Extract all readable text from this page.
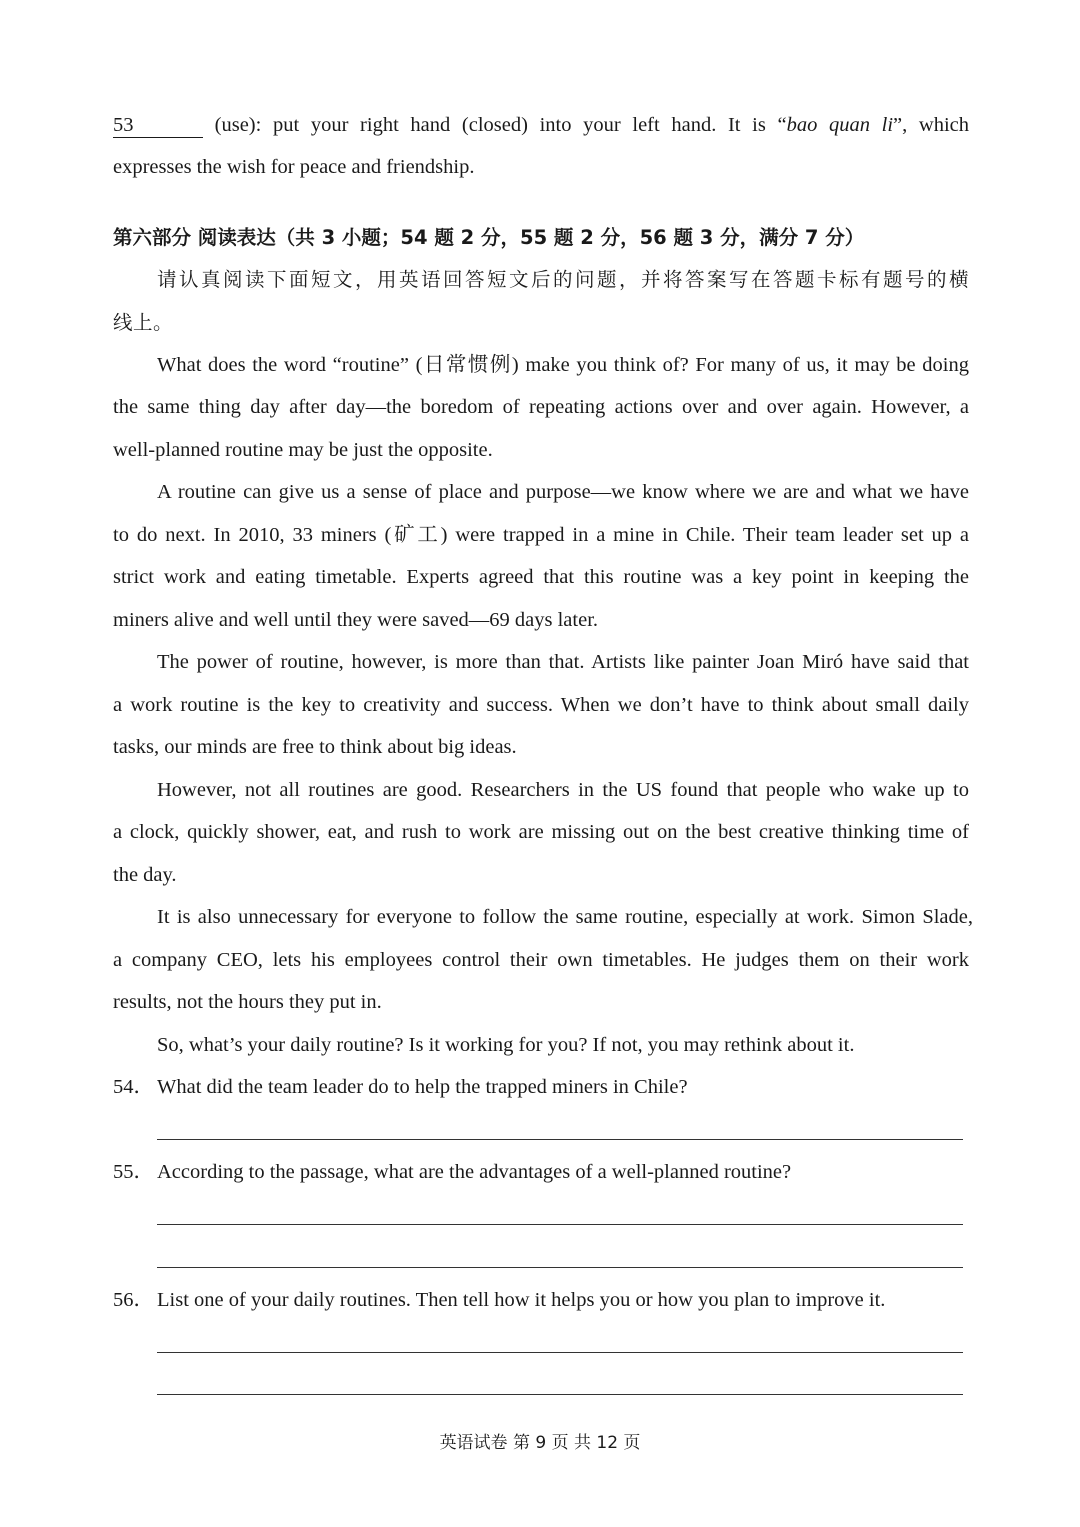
53	(use): put your right hand (closed) into your left hand. It is “bao quan li”, which
expresses the wish for peace and friendship.
第六部分 阅读表达（共 3 小题；54 题 2 分，55 题 2 分，56 题 3 分，满分 7 分）
请认真阅读下面短文，用英语回答短文后的问题，并将答案写在答题卡标有题号的横
线上。
What does the word “routine” (日常惯例) make you think of? For many of us, it may be doing
the same thing day after day—the boredom of repeating actions over and over again. However, a
well-planned routine may be just the opposite.
A routine can give us a sense of place and purpose—we know where we are and what we have
to do next. In 2010, 33 miners (矿工) were trapped in a mine in Chile. Their team leader set up a
strict work and eating timetable. Experts agreed that this routine was a key point in keeping the
miners alive and well until they were saved—69 days later.
The power of routine, however, is more than that. Artists like painter Joan Miró have said that
a work routine is the key to creativity and success. When we don’t have to think about small daily
tasks, our minds are free to think about big ideas.
However, not all routines are good. Researchers in the US found that people who wake up to
a clock, quickly shower, eat, and rush to work are missing out on the best creative thinking time of
the day.
It is also unnecessary for everyone to follow the same routine, especially at work. Simon Slade,
a company CEO, lets his employees control their own timetables. He judges them on their work
results, not the hours they put in.
So, what’s your daily routine? Is it working for you? If not, you may rethink about it.
54． What did the team leader do to help the trapped miners in Chile?
55． According to the passage, what are the advantages of a well-planned routine?
56． List one of your daily routines. Then tell how it helps you or how you plan to improve it.
英语试卷 第 9 页 共 12 页
